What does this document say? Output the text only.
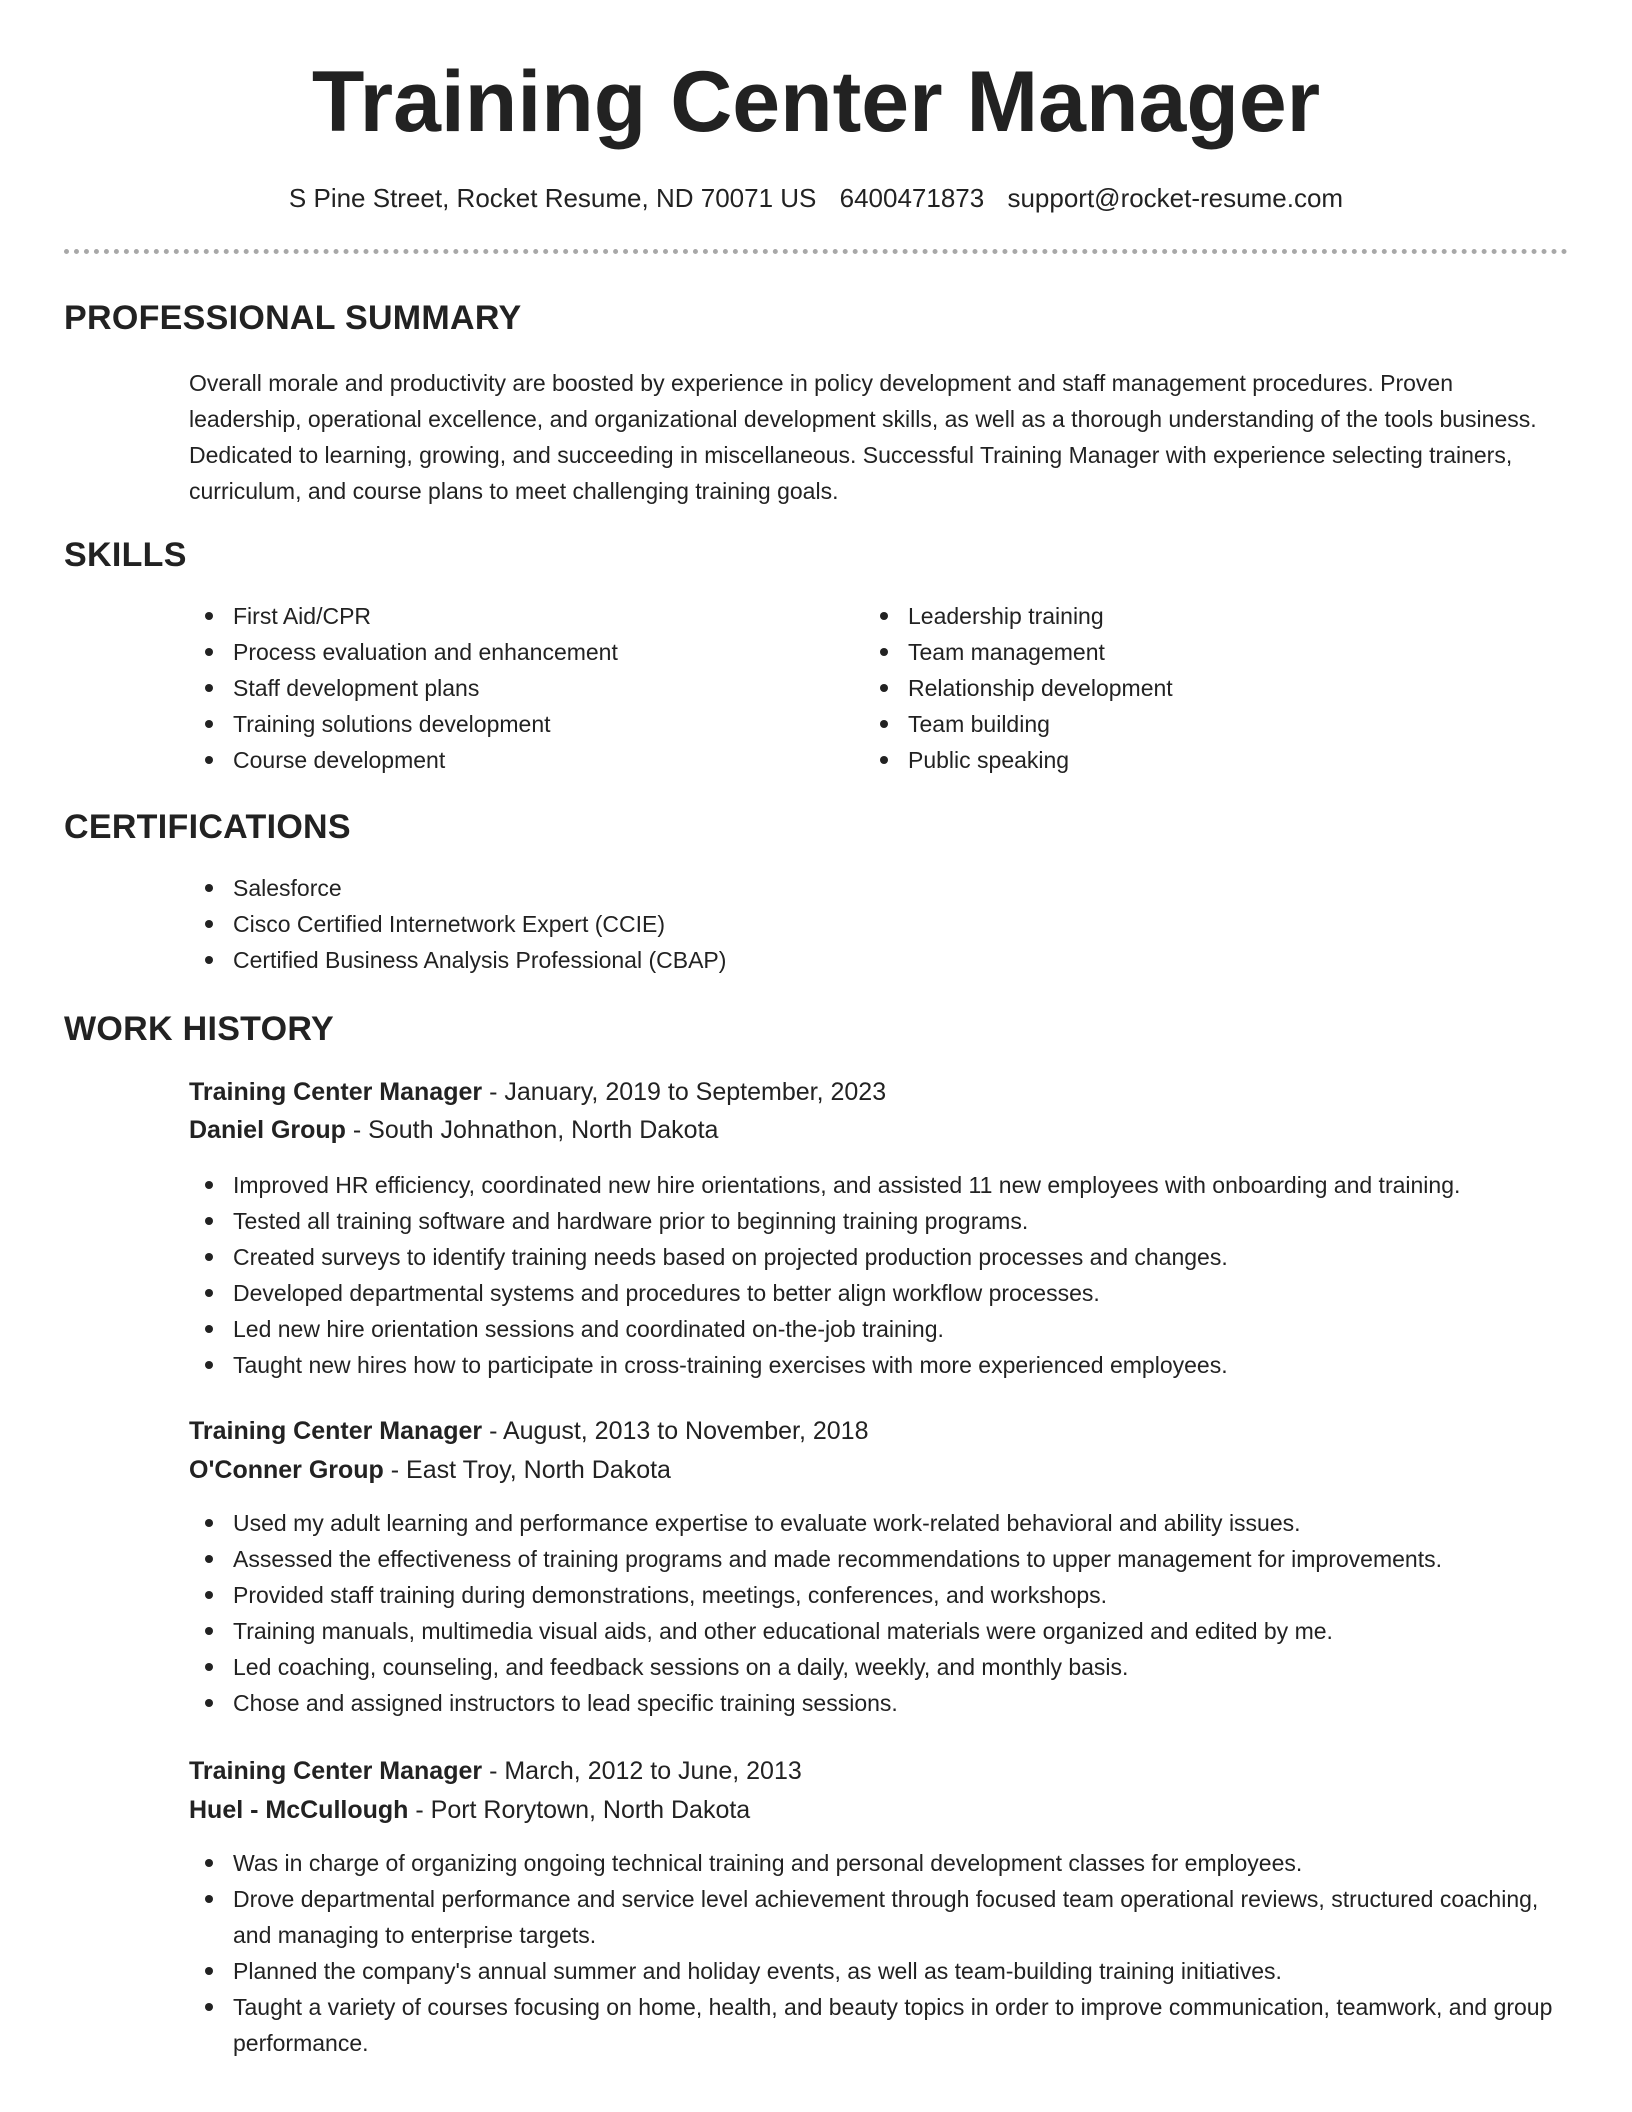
Training Center Manager
S Pine Street, Rocket Resume, ND 70071 US 6400471873 support@rocket-resume.com
PROFESSIONAL SUMMARY

Overall morale and productivity are boosted by experience in policy development and staff management procedures. Proven leadership, operational excellence, and organizational development skills, as well as a thorough understanding of the tools business. Dedicated to learning, growing, and succeeding in miscellaneous. Successful Training Manager with experience selecting trainers, curriculum, and course plans to meet challenging training goals.

SKILLS
First Aid/CPR
Process evaluation and enhancement
Staff development plans
Training solutions development
Course development
Leadership training
Team management
Relationship development
Team building
Public speaking
CERTIFICATIONS
Salesforce
Cisco Certified Internetwork Expert (CCIE)
Certified Business Analysis Professional (CBAP)
WORK HISTORY
Training Center Manager - January, 2019 to September, 2023
Daniel Group - South Johnathon, North Dakota
Improved HR efficiency, coordinated new hire orientations, and assisted 11 new employees with onboarding and training.
Tested all training software and hardware prior to beginning training programs.
Created surveys to identify training needs based on projected production processes and changes.
Developed departmental systems and procedures to better align workflow processes.
Led new hire orientation sessions and coordinated on-the-job training.
Taught new hires how to participate in cross-training exercises with more experienced employees.
Training Center Manager - August, 2013 to November, 2018
O'Conner Group - East Troy, North Dakota
Used my adult learning and performance expertise to evaluate work-related behavioral and ability issues.
Assessed the effectiveness of training programs and made recommendations to upper management for improvements.
Provided staff training during demonstrations, meetings, conferences, and workshops.
Training manuals, multimedia visual aids, and other educational materials were organized and edited by me.
Led coaching, counseling, and feedback sessions on a daily, weekly, and monthly basis.
Chose and assigned instructors to lead specific training sessions.
Training Center Manager - March, 2012 to June, 2013
Huel - McCullough - Port Rorytown, North Dakota
Was in charge of organizing ongoing technical training and personal development classes for employees.
Drove departmental performance and service level achievement through focused team operational reviews, structured coaching, and managing to enterprise targets.
Planned the company's annual summer and holiday events, as well as team-building training initiatives.
Taught a variety of courses focusing on home, health, and beauty topics in order to improve communication, teamwork, and group performance.
